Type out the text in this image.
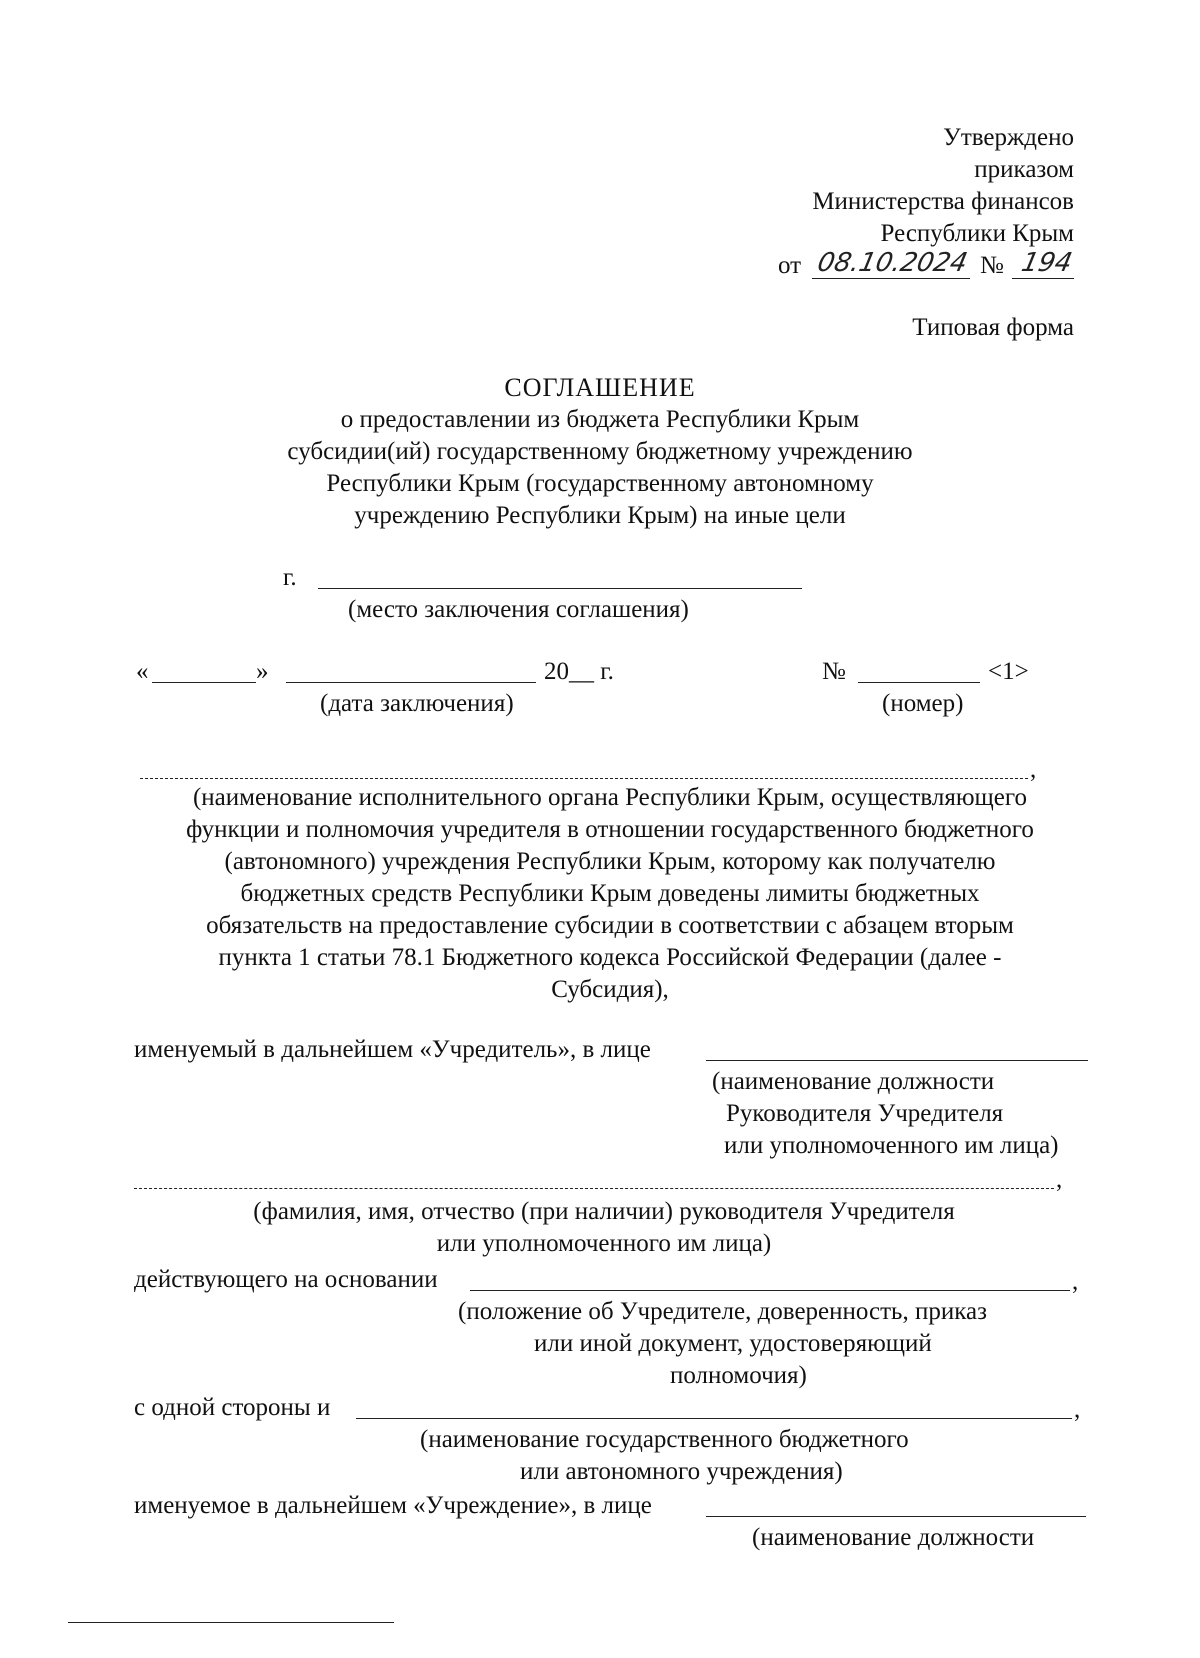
Утверждено
приказом
Министерства финансов
Республики Крым
от 08.10.2024 № 194
Типовая форма
СОГЛАШЕНИЕ
о предоставлении из бюджета Республики Крым
субсидии(ий) государственному бюджетному учреждению
Республики Крым (государственному автономному
учреждению Республики Крым) на иные цели
г.
(место заключения соглашения)
«	»	20__ г.
(дата заключения)
№	<1>
(номер)
,
(наименование исполнительного органа Республики Крым, осуществляющего
функции и полномочия учредителя в отношении государственного бюджетного
(автономного) учреждения Республики Крым, которому как получателю
бюджетных средств Республики Крым доведены лимиты бюджетных
обязательств на предоставление субсидии в соответствии с абзацем вторым
пункта 1 статьи 78.1 Бюджетного кодекса Российской Федерации (далее -
Субсидия),
именуемый в дальнейшем «Учредитель», в лице
(наименование должности
Руководителя Учредителя
или уполномоченного им лица)
,
(фамилия, имя, отчество (при наличии) руководителя Учредителя
или уполномоченного им лица)
действующего на основании	,
(положение об Учредителе, доверенность, приказ
или иной документ, удостоверяющий
полномочия)
с одной стороны и	,
(наименование государственного бюджетного
или автономного учреждения)
именуемое в дальнейшем «Учреждение», в лице
(наименование должности
